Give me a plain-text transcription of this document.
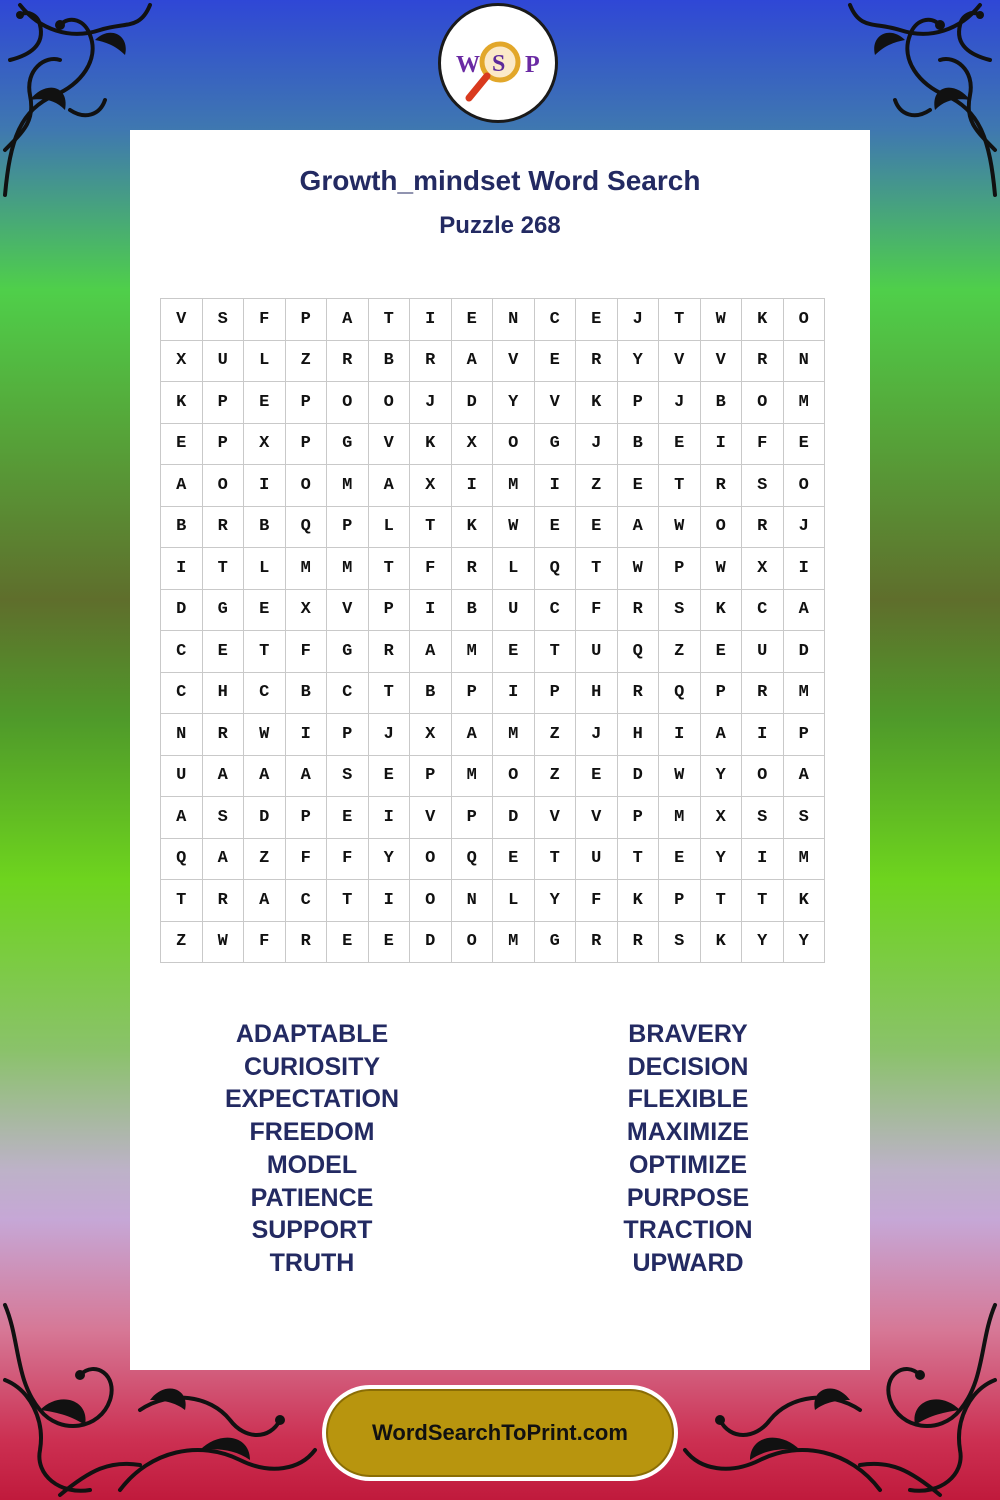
W S P
Growth_mindset Word Search
Puzzle 268
V	S	F	P	A	T	I	E	N	C	E	J	T	W	K	O
X	U	L	Z	R	B	R	A	V	E	R	Y	V	V	R	N
K	P	E	P	O	O	J	D	Y	V	K	P	J	B	O	M
E	P	X	P	G	V	K	X	O	G	J	B	E	I	F	E
A	O	I	O	M	A	X	I	M	I	Z	E	T	R	S	O
B	R	B	Q	P	L	T	K	W	E	E	A	W	O	R	J
I	T	L	M	M	T	F	R	L	Q	T	W	P	W	X	I
D	G	E	X	V	P	I	B	U	C	F	R	S	K	C	A
C	E	T	F	G	R	A	M	E	T	U	Q	Z	E	U	D
C	H	C	B	C	T	B	P	I	P	H	R	Q	P	R	M
N	R	W	I	P	J	X	A	M	Z	J	H	I	A	I	P
U	A	A	A	S	E	P	M	O	Z	E	D	W	Y	O	A
A	S	D	P	E	I	V	P	D	V	V	P	M	X	S	S
Q	A	Z	F	F	Y	O	Q	E	T	U	T	E	Y	I	M
T	R	A	C	T	I	O	N	L	Y	F	K	P	T	T	K
Z	W	F	R	E	E	D	O	M	G	R	R	S	K	Y	Y
ADAPTABLE
CURIOSITY
EXPECTATION
FREEDOM
MODEL
PATIENCE
SUPPORT
TRUTH
BRAVERY
DECISION
FLEXIBLE
MAXIMIZE
OPTIMIZE
PURPOSE
TRACTION
UPWARD
WordSearchToPrint.com
